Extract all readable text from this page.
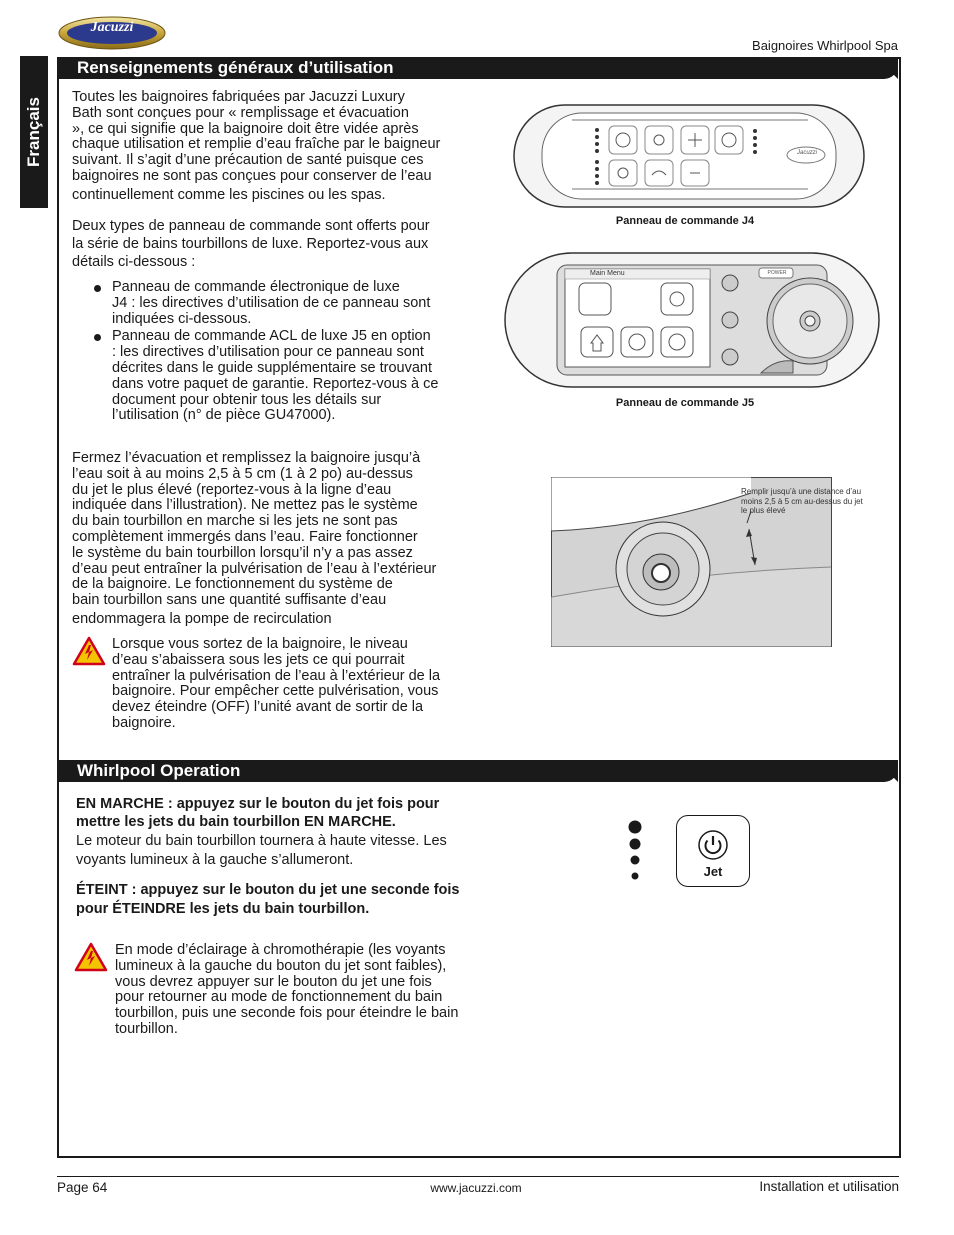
Jacuzzi
Baignoires Whirlpool Spa
Français
Renseignements généraux d’utilisation
Toutes les baignoires fabriquées par Jacuzzi Luxury
Bath sont conçues pour « remplissage et évacuation
», ce qui signifie que la baignoire doit être vidée après
chaque utilisation et remplie d’eau fraîche par le baigneur
suivant. Il s’agit d’une précaution de santé puisque ces
baignoires ne sont pas conçues pour conserver de l’eau
continuellement comme les piscines ou les spas.
Deux types de panneau de commande sont offerts pour
la série de bains tourbillons de luxe. Reportez-vous aux
détails ci-dessous :
Panneau de commande électronique de luxe
J4 : les directives d’utilisation de ce panneau sont
indiquées ci-dessous.
Panneau de commande ACL de luxe J5 en option
: les directives d’utilisation pour ce panneau sont
décrites dans le guide supplémentaire se trouvant
dans votre paquet de garantie. Reportez-vous à ce
document pour obtenir tous les détails sur
l’utilisation (n° de pièce GU47000).
Fermez l’évacuation et remplissez la baignoire jusqu’à
l’eau soit à au moins 2,5 à 5 cm (1 à 2 po) au-dessus
du jet le plus élevé (reportez-vous à la ligne d’eau
indiquée dans l’illustration). Ne mettez pas le système
du bain tourbillon en marche si les jets ne sont pas
complètement immergés dans l’eau. Faire fonctionner
le système du bain tourbillon lorsqu’il n’y a pas assez
d’eau peut entraîner la pulvérisation de l’eau à l’extérieur
de la baignoire. Le fonctionnement du système de
bain tourbillon sans une quantité suffisante d’eau
endommagera la pompe de recirculation
Lorsque vous sortez de la baignoire, le niveau
d’eau s’abaissera sous les jets ce qui pourrait
entraîner la pulvérisation de l’eau à l’extérieur de la
baignoire. Pour empêcher cette pulvérisation, vous
devez éteindre (OFF) l’unité avant de sortir de la
baignoire.
Jacuzzi
Panneau de commande J4
Main Menu	POWER
Panneau de commande J5
Remplir jusqu’à une distance d’au
moins 2,5 à 5 cm au-dessus du jet
le plus élevé
Whirlpool Operation
EN MARCHE : appuyez sur le bouton du jet fois pour
mettre les jets du bain tourbillon EN MARCHE.
Le moteur du bain tourbillon tournera à haute vitesse. Les
voyants lumineux à la gauche s’allumeront.
ÉTEINT : appuyez sur le bouton du jet une seconde fois
pour ÉTEINDRE les jets du bain tourbillon.
En mode d’éclairage à chromothérapie (les voyants
lumineux à la gauche du bouton du jet sont faibles),
vous devrez appuyer sur le bouton du jet une fois
pour retourner au mode de fonctionnement du bain
tourbillon, puis une seconde fois pour éteindre le bain
tourbillon.
Jet
Page 64	www.jacuzzi.com	Installation et utilisation
